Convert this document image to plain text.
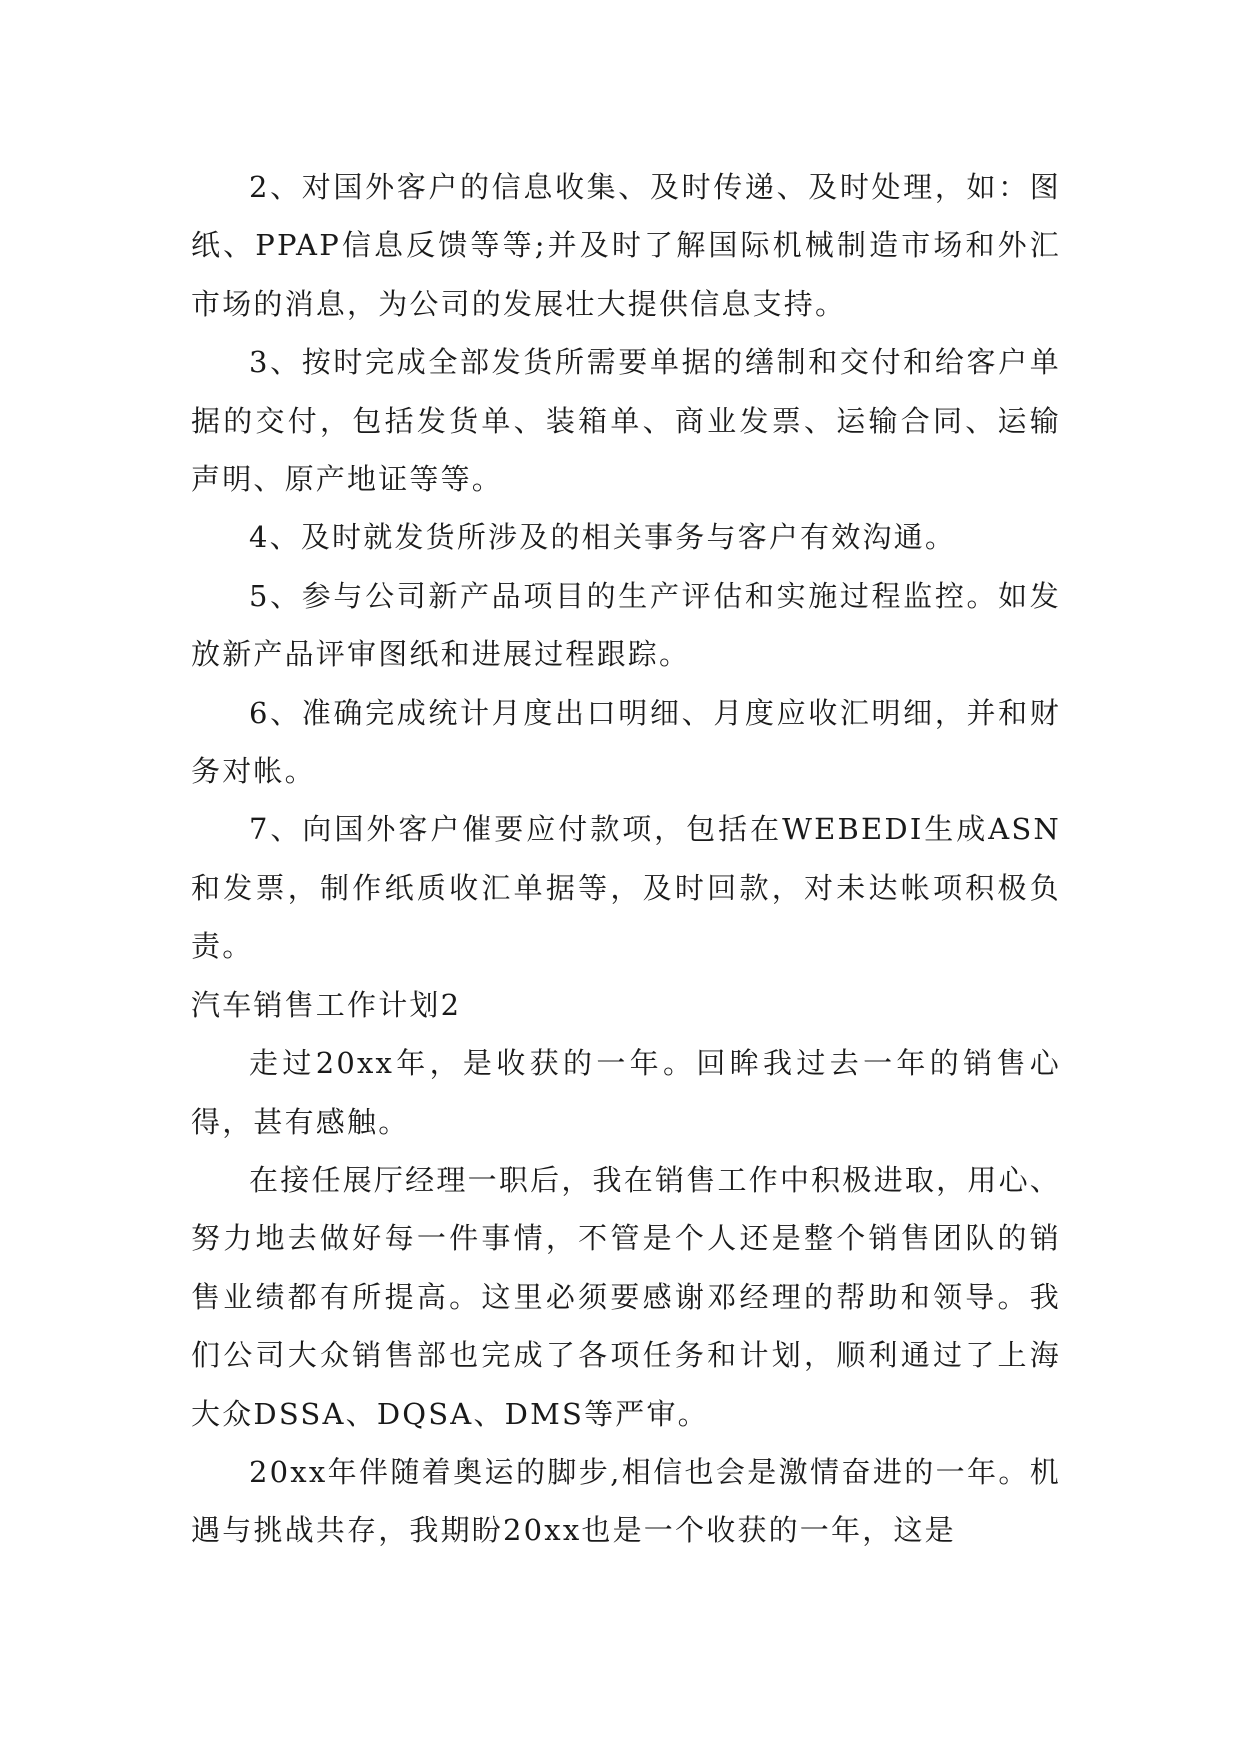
2、对国外客户的信息收集、及时传递、及时处理，如：图纸、PPAP信息反馈等等;并及时了解国际机械制造市场和外汇市场的消息，为公司的发展壮大提供信息支持。

3、按时完成全部发货所需要单据的缮制和交付和给客户单据的交付，包括发货单、装箱单、商业发票、运输合同、运输声明、原产地证等等。

4、及时就发货所涉及的相关事务与客户有效沟通。

5、参与公司新产品项目的生产评估和实施过程监控。如发放新产品评审图纸和进展过程跟踪。

6、准确完成统计月度出口明细、月度应收汇明细，并和财务对帐。

7、向国外客户催要应付款项，包括在WEBEDI生成ASN和发票，制作纸质收汇单据等，及时回款，对未达帐项积极负责。

汽车销售工作计划2

走过20xx年，是收获的一年。回眸我过去一年的销售心得，甚有感触。

在接任展厅经理一职后，我在销售工作中积极进取，用心、努力地去做好每一件事情，不管是个人还是整个销售团队的销售业绩都有所提高。这里必须要感谢邓经理的帮助和领导。我们公司大众销售部也完成了各项任务和计划，顺利通过了上海大众DSSA、DQSA、DMS等严审。

20xx年伴随着奥运的脚步,相信也会是激情奋进的一年。机遇与挑战共存，我期盼20xx也是一个收获的一年，这是
